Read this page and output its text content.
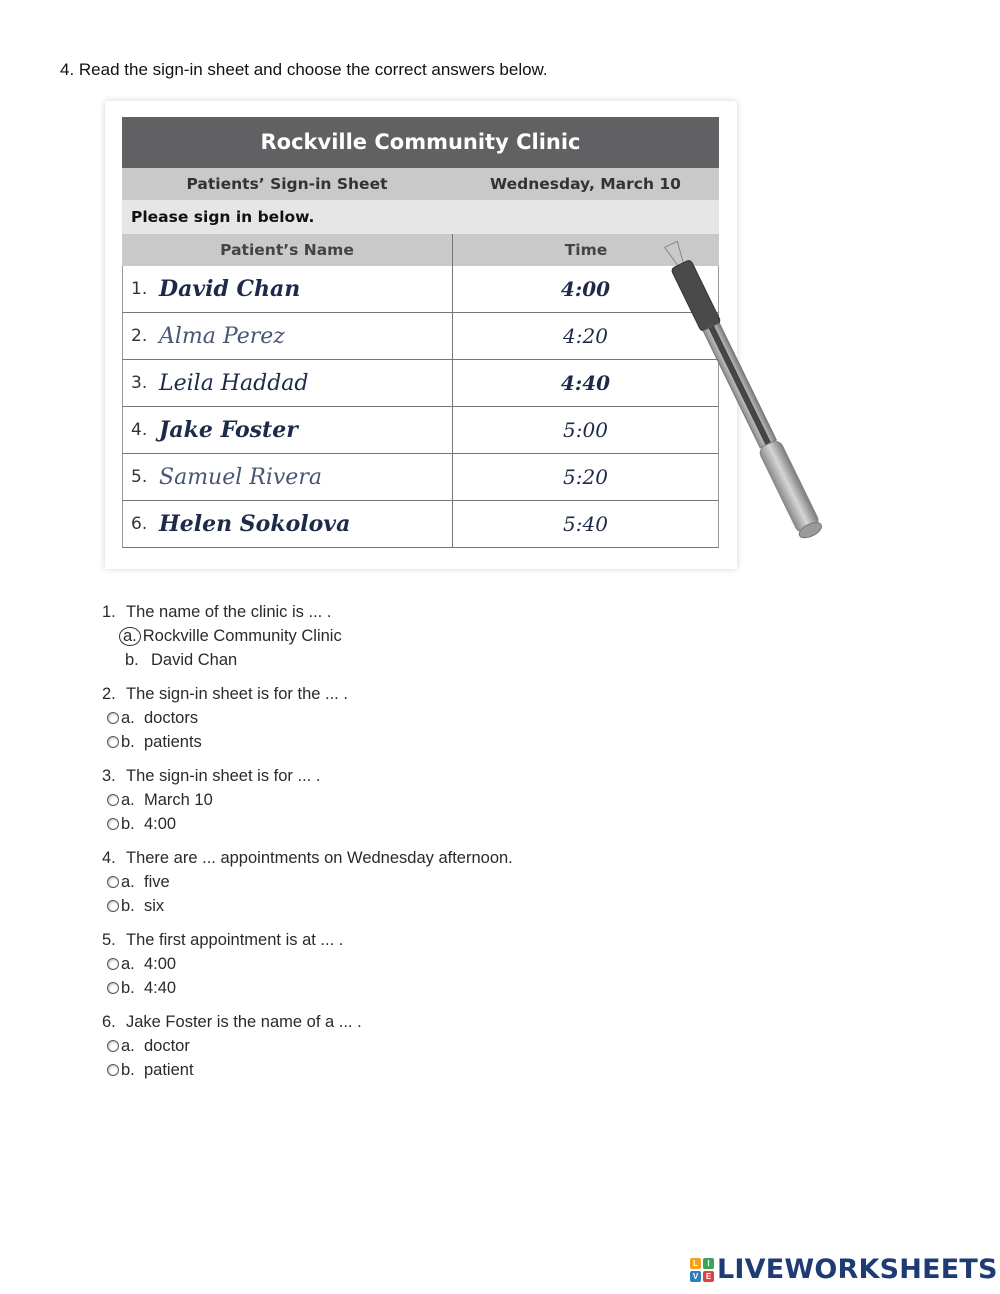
4. Read the sign-in sheet and choose the correct answers below.
Rockville Community Clinic
Patients’ Sign-in Sheet	Wednesday, March 10
Please sign in below.
Patient’s Name	Time
1. David Chan	4:00
2. Alma Perez	4:20
3. Leila Haddad	4:40
4. Jake Foster	5:00
5. Samuel Rivera	5:20
6. Helen Sokolova	5:40
1. The name of the clinic is ... .
a. Rockville Community Clinic
b. David Chan
2. The sign-in sheet is for the ... .
a. doctors
b. patients
3. The sign-in sheet is for ... .
a. March 10
b. 4:00
4. There are ... appointments on Wednesday afternoon.
a. five
b. six
5. The first appointment is at ... .
a. 4:00
b. 4:40
6. Jake Foster is the name of a ... .
a. doctor
b. patient
L	I
V E LIVEWORKSHEETS
